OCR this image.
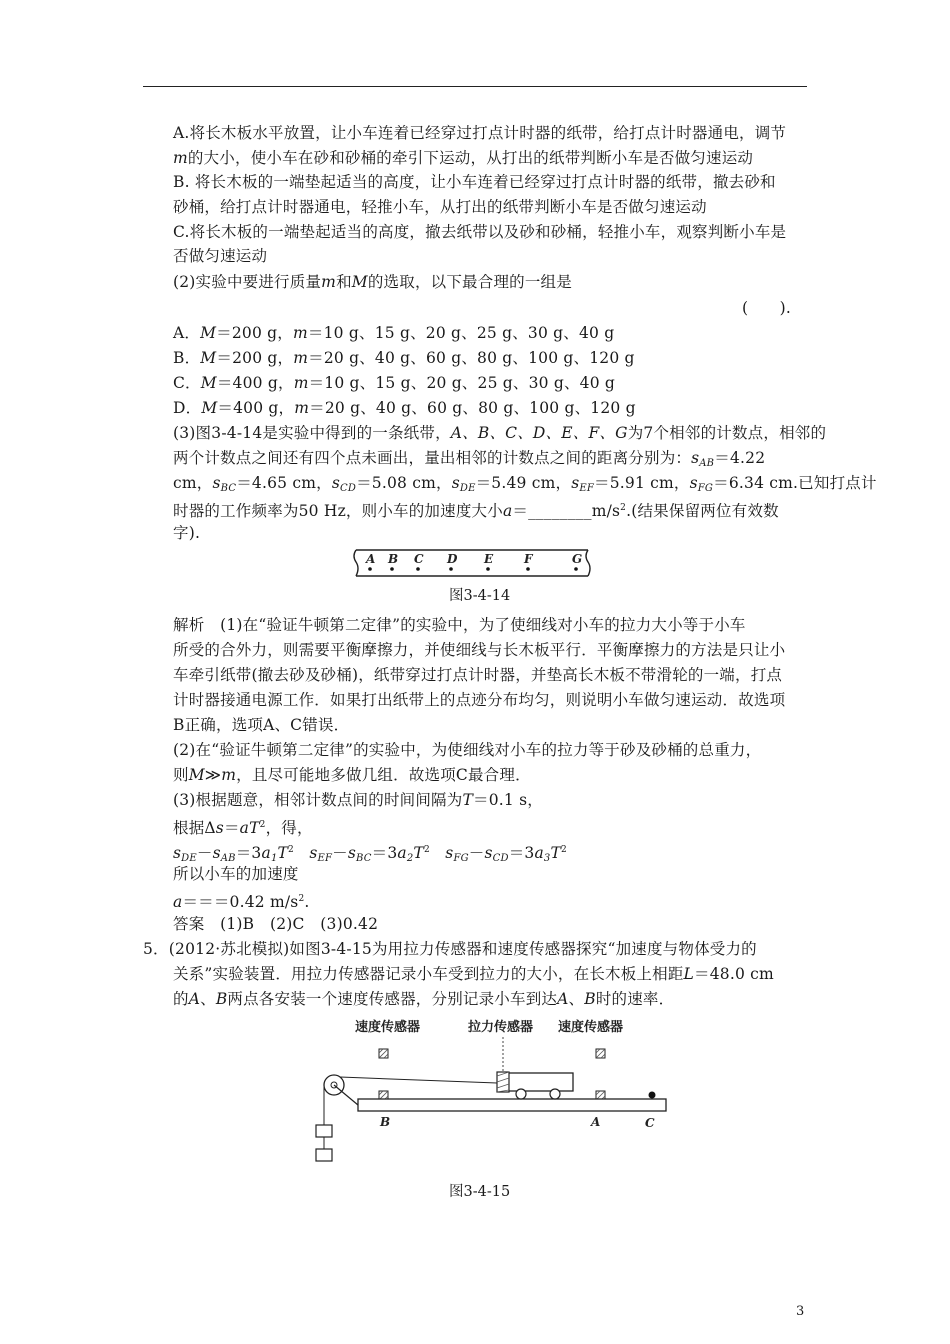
A.将长木板水平放置，让小车连着已经穿过打点计时器的纸带，给打点计时器通电，调节
m的大小，使小车在砂和砂桶的牵引下运动，从打出的纸带判断小车是否做匀速运动
B. 将长木板的一端垫起适当的高度，让小车连着已经穿过打点计时器的纸带，撤去砂和
砂桶，给打点计时器通电，轻推小车，从打出的纸带判断小车是否做匀速运动
C.将长木板的一端垫起适当的高度，撤去纸带以及砂和砂桶，轻推小车，观察判断小车是
否做匀速运动
(2)实验中要进行质量m和M的选取，以下最合理的一组是
(　　).
A．M＝200 g，m＝10 g、15 g、20 g、25 g、30 g、40 g
B．M＝200 g，m＝20 g、40 g、60 g、80 g、100 g、120 g
C．M＝400 g，m＝10 g、15 g、20 g、25 g、30 g、40 g
D．M＝400 g，m＝20 g、40 g、60 g、80 g、100 g、120 g
(3)图3-4-14是实验中得到的一条纸带，A、B、C、D、E、F、G为7个相邻的计数点，相邻的
两个计数点之间还有四个点未画出，量出相邻的计数点之间的距离分别为：$s_{AB}=4.22$
cm，$s_{BC}=4.65$ cm，$s_{CD}=5.08$ cm，$s_{DE}=5.49$ cm，$s_{EF}=5.91$ cm，$s_{FG}=6.34$ cm.已知打点计
时器的工作频率为50 Hz，则小车的加速度大小$a=\_\_\_\_\_\_\_\_m/s^2$.(结果保留两位有效数
字).
A B C D E	F	G
图3-4-14
解析　(1)在“验证牛顿第二定律”的实验中，为了使细线对小车的拉力大小等于小车
所受的合外力，则需要平衡摩擦力，并使细线与长木板平行．平衡摩擦力的方法是只让小
车牵引纸带(撤去砂及砂桶)，纸带穿过打点计时器，并垫高长木板不带滑轮的一端，打点
计时器接通电源工作．如果打出纸带上的点迹分布均匀，则说明小车做匀速运动．故选项
B正确，选项A、C错误．
(2)在“验证牛顿第二定律”的实验中，为使细线对小车的拉力等于砂及砂桶的总重力，
则M≫m，且尽可能地多做几组．故选项C最合理．
(3)根据题意，相邻计数点间的时间间隔为T＝0.1 s，
根据$\Delta s=aT^2$，得，
$s_{DE}-s_{AB}=3a_1T^2$ $s_{EF}-s_{BC}=3a_2T^2$ $s_{FG}-s_{CD}=3a_3T^2$
所以小车的加速度
a＝＝＝0.42 $m/s^2$.
答案　(1)B　(2)C　(3)0.42
5．(2012·苏北模拟)如图3-4-15为用拉力传感器和速度传感器探究“加速度与物体受力的
关系”实验装置．用拉力传感器记录小车受到拉力的大小，在长木板上相距L＝48.0 cm
的A、B两点各安装一个速度传感器，分别记录小车到达A、B时的速率．
速度传感器	拉力传感器 速度传感器
B	A	C
图3-4-15
3
